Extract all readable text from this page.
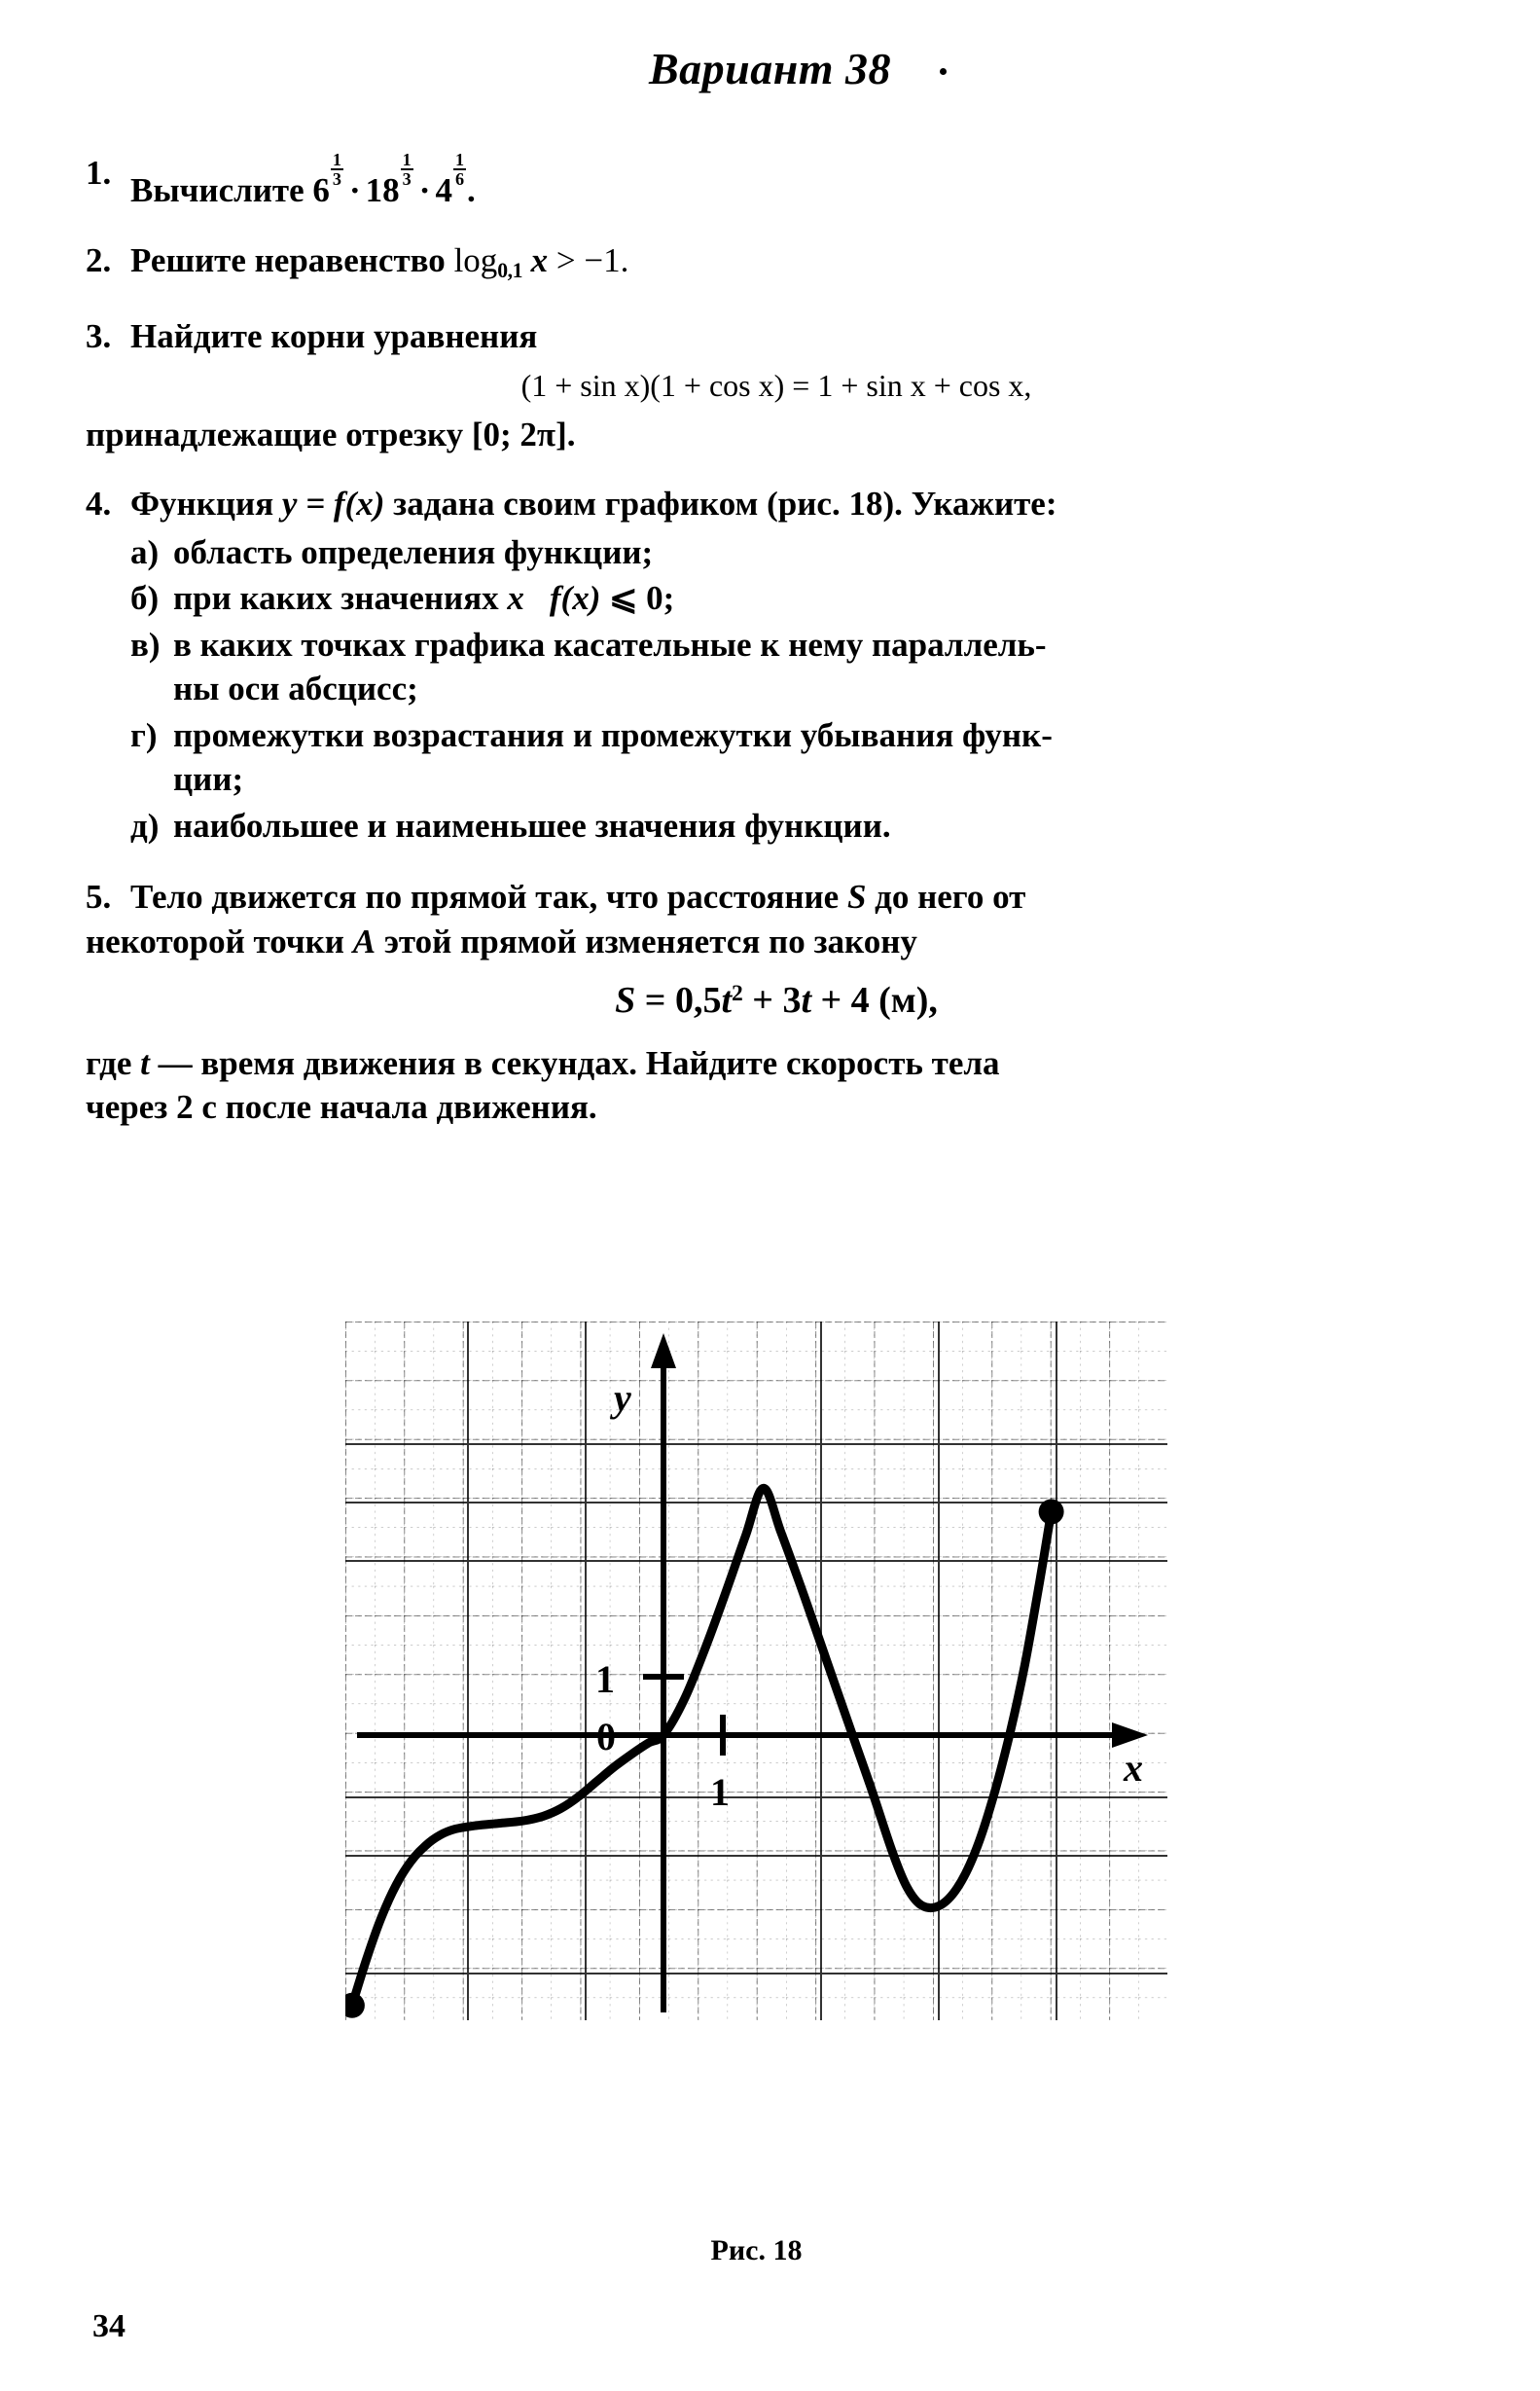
Вариант 38
1. Вычислите 6
$\frac{1}{3}$
· 18
$\frac{1}{3}$
· 4
$\frac{1}{6}$
.
2. Решите неравенство log0,1 x > −1.
3. Найдите корни уравнения
(1 + sin x)(1 + cos x) = 1 + sin x + cos x,
принадлежащие отрезку [0; 2π].
4. Функция y = f(x) задана своим графиком (рис. 18). Укажите:
а) область определения функции;
б) при каких значениях x f(x) ⩽ 0;
в) в каких точках графика касательные к нему параллель-
ны оси абсцисс;
г) промежутки возрастания и промежутки убывания функ-
ции;
д) наибольшее и наименьшее значения функции.
5. Тело движется по прямой так, что расстояние S до него от
некоторой точки A этой прямой изменяется по закону
S = 0,5t2 + 3t + 4 (м),
где t — время движения в секундах. Найдите скорость тела
через 2 с после начала движения.
y
x
1
0
1
Рис. 18
34
